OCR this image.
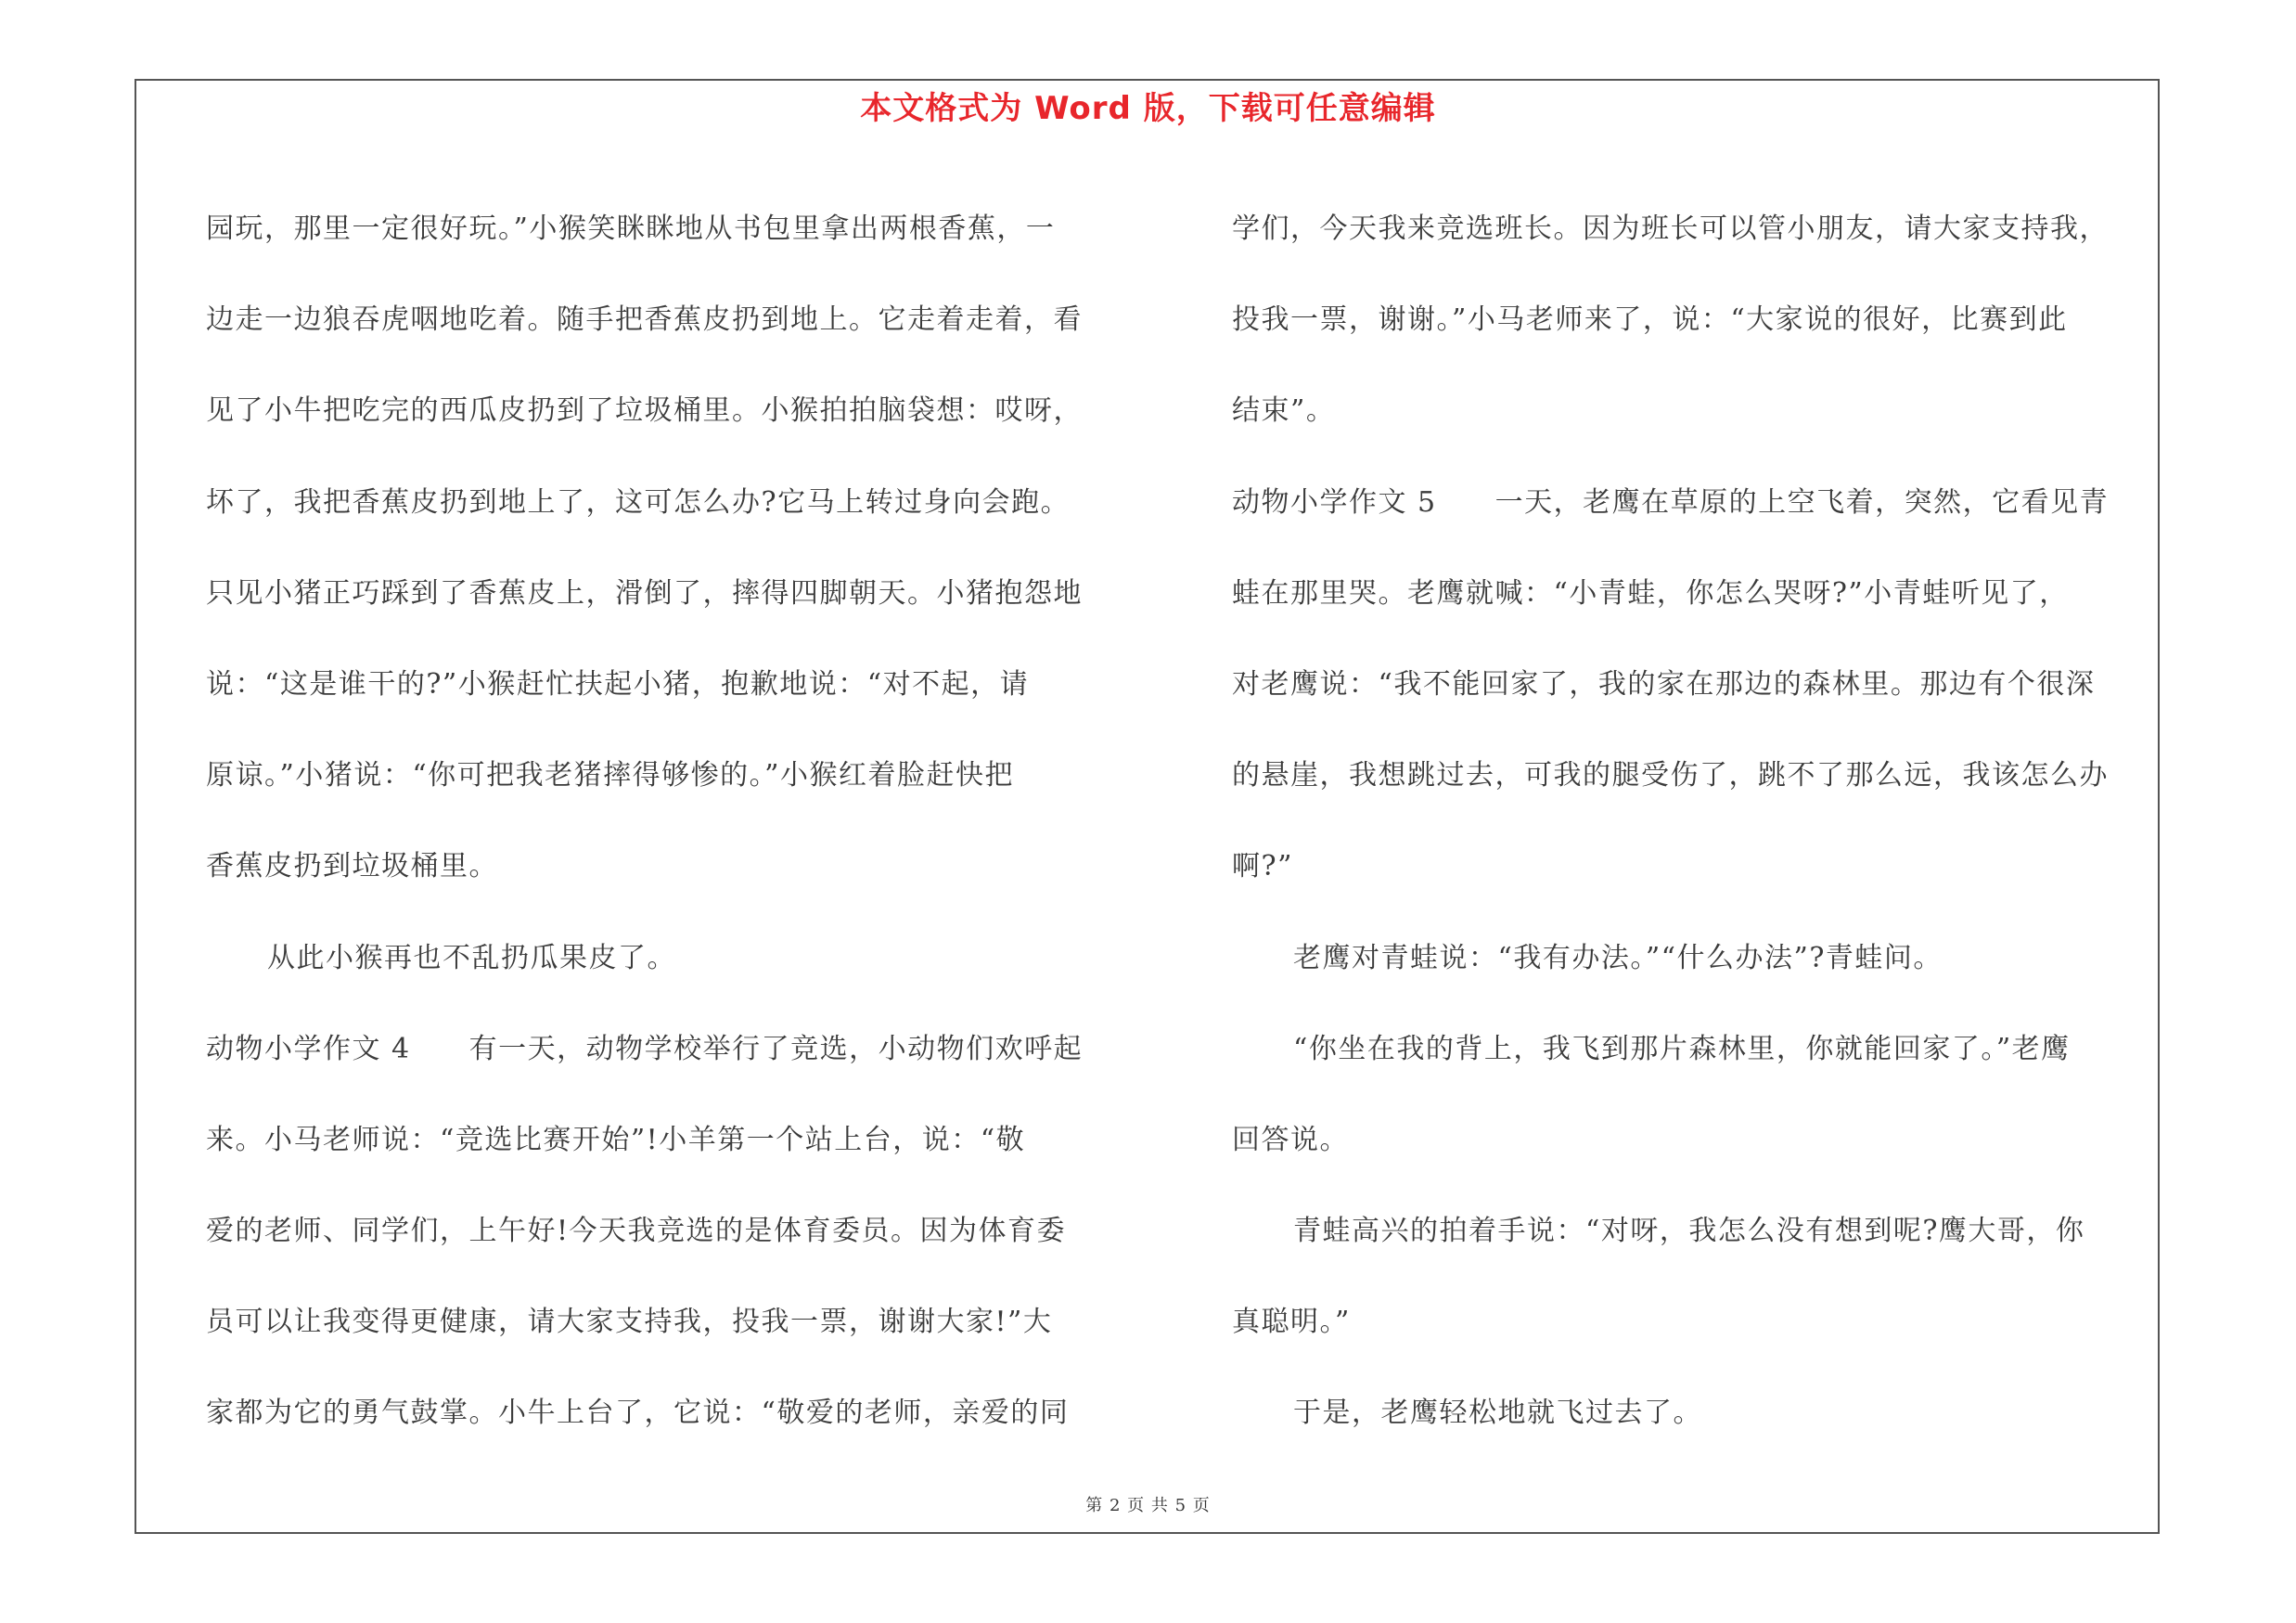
本文格式为 Word 版，下载可任意编辑
园玩，那里一定很好玩。”小猴笑眯眯地从书包里拿出两根香蕉，一
边走一边狼吞虎咽地吃着。随手把香蕉皮扔到地上。它走着走着，看
见了小牛把吃完的西瓜皮扔到了垃圾桶里。小猴拍拍脑袋想：哎呀，
坏了，我把香蕉皮扔到地上了，这可怎么办?它马上转过身向会跑。
只见小猪正巧踩到了香蕉皮上，滑倒了，摔得四脚朝天。小猪抱怨地
说：“这是谁干的?”小猴赶忙扶起小猪，抱歉地说：“对不起，请
原谅。”小猪说：“你可把我老猪摔得够惨的。”小猴红着脸赶快把
香蕉皮扔到垃圾桶里。
从此小猴再也不乱扔瓜果皮了。
动物小学作文 4　　有一天，动物学校举行了竞选，小动物们欢呼起
来。小马老师说：“竞选比赛开始”!小羊第一个站上台，说：“敬
爱的老师、同学们，上午好!今天我竞选的是体育委员。因为体育委
员可以让我变得更健康，请大家支持我，投我一票，谢谢大家!”大
家都为它的勇气鼓掌。小牛上台了，它说：“敬爱的老师，亲爱的同
学们，今天我来竞选班长。因为班长可以管小朋友，请大家支持我，
投我一票，谢谢。”小马老师来了，说：“大家说的很好，比赛到此
结束”。
动物小学作文 5　　一天，老鹰在草原的上空飞着，突然，它看见青
蛙在那里哭。老鹰就喊：“小青蛙，你怎么哭呀?”小青蛙听见了，
对老鹰说：“我不能回家了，我的家在那边的森林里。那边有个很深
的悬崖，我想跳过去，可我的腿受伤了，跳不了那么远，我该怎么办
啊?”
老鹰对青蛙说：“我有办法。”“什么办法”?青蛙问。
“你坐在我的背上，我飞到那片森林里，你就能回家了。”老鹰
回答说。
青蛙高兴的拍着手说：“对呀，我怎么没有想到呢?鹰大哥，你
真聪明。”
于是，老鹰轻松地就飞过去了。
第 2 页 共 5 页
